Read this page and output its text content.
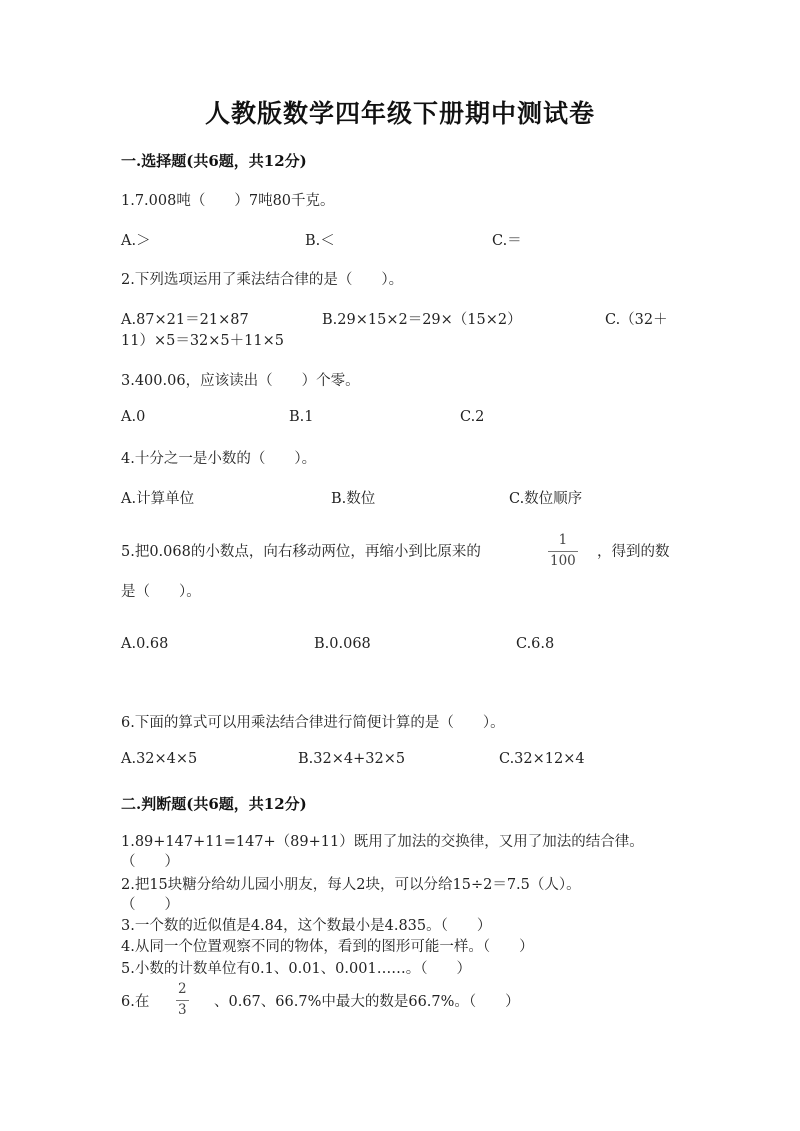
人教版数学四年级下册期中测试卷
一.选择题(共6题，共12分)
1.7.008吨（　　）7吨80千克。
A.＞	B.＜	C.＝
2.下列选项运用了乘法结合律的是（　　）。
A.87×21＝21×87	B.29×15×2＝29×（15×2）	C.（32＋
11）×5＝32×5＋11×5
3.400.06，应该读出（　　）个零。
A.0	B.1	C.2
4.十分之一是小数的（　　）。
A.计算单位	B.数位	C.数位顺序
5.把0.068的小数点，向右移动两位，再缩小到比原来的
1
100
，得到的数
是（　　）。
A.0.68	B.0.068	C.6.8
6.下面的算式可以用乘法结合律进行简便计算的是（　　）。
A.32×4×5	B.32×4+32×5	C.32×12×4
二.判断题(共6题，共12分)
1.89+147+11=147+（89+11）既用了加法的交换律，又用了加法的结合律。
（　　）
2.把15块糖分给幼儿园小朋友，每人2块，可以分给15÷2＝7.5（人）。
（　　）
3.一个数的近似值是4.84，这个数最小是4.835。（　　）
4.从同一个位置观察不同的物体，看到的图形可能一样。（　　）
5.小数的计数单位有0.1、0.01、0.001……。（　　）
6.在
2
3 、0.67、66.7%中最大的数是66.7%。（　　）
